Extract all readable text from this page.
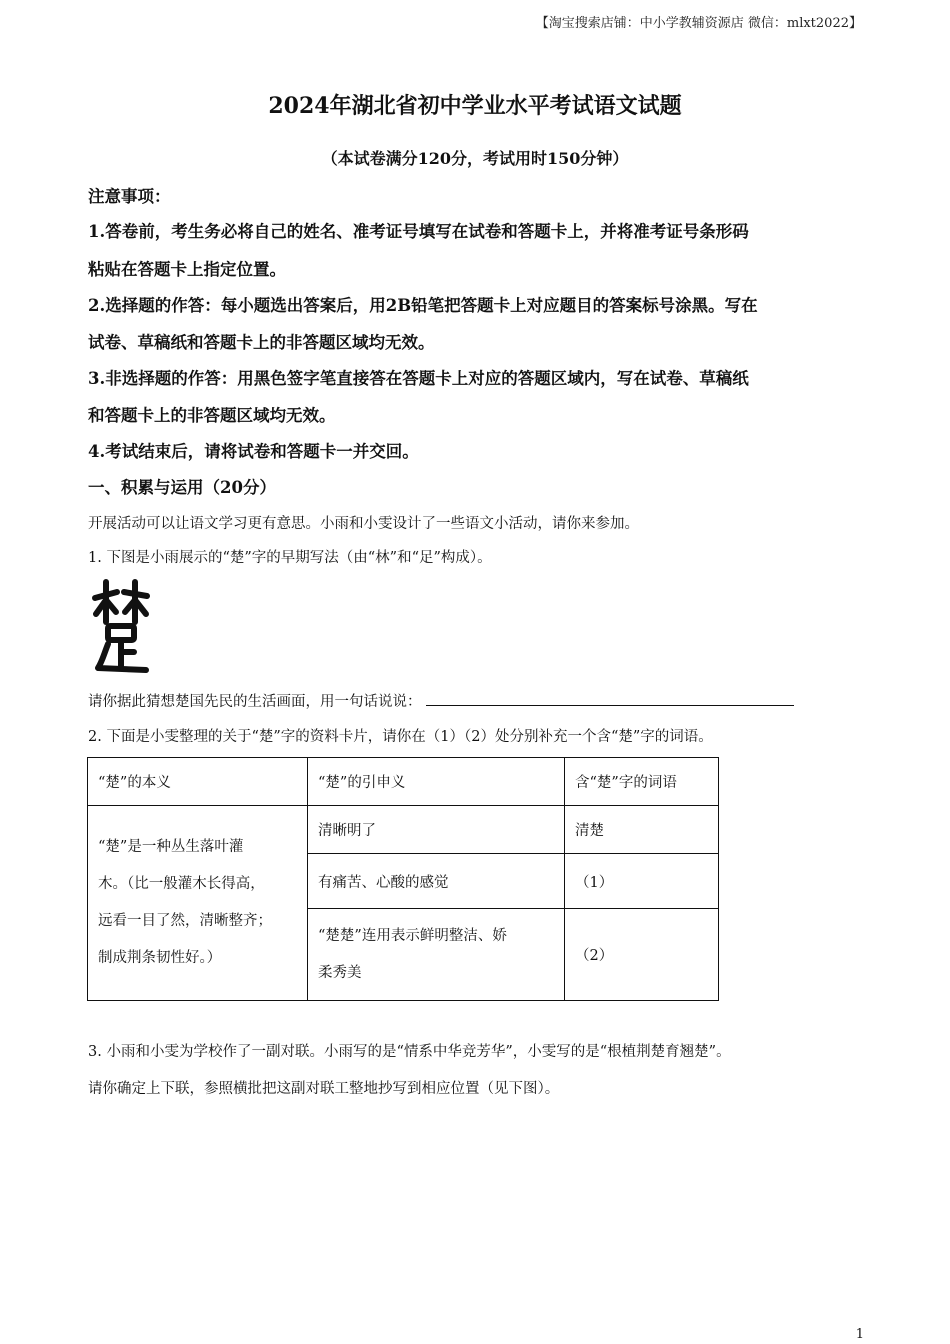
【淘宝搜索店铺：中小学教辅资源店 微信：mlxt2022】
2024年湖北省初中学业水平考试语文试题
（本试卷满分120分，考试用时150分钟）
注意事项：
1.答卷前，考生务必将自己的姓名、准考证号填写在试卷和答题卡上，并将准考证号条形码
粘贴在答题卡上指定位置。
2.选择题的作答：每小题选出答案后，用2B铅笔把答题卡上对应题目的答案标号涂黑。写在
试卷、草稿纸和答题卡上的非答题区域均无效。
3.非选择题的作答：用黑色签字笔直接答在答题卡上对应的答题区域内，写在试卷、草稿纸
和答题卡上的非答题区域均无效。
4.考试结束后，请将试卷和答题卡一并交回。
一、积累与运用（20分）
开展活动可以让语文学习更有意思。小雨和小雯设计了一些语文小活动，请你来参加。
1. 下图是小雨展示的“楚”字的早期写法（由“林”和“足”构成）。
请你据此猜想楚国先民的生活画面，用一句话说说：
2. 下面是小雯整理的关于“楚”字的资料卡片，请你在（1）（2）处分别补充一个含“楚”字的词语。
“楚”的本义	“楚”的引申义	含“楚”字的词语

“楚”是一种丛生落叶灌
木。（比一般灌木长得高，
远看一目了然，清晰整齐；
制成荆条韧性好。）	清晰明了	清楚
	有痛苦、心酸的感觉	（1）

	“楚楚”连用表示鲜明整洁、娇
柔秀美	（2）
3. 小雨和小雯为学校作了一副对联。小雨写的是“情系中华竞芳华”，小雯写的是“根植荆楚育翘楚”。
请你确定上下联，参照横批把这副对联工整地抄写到相应位置（见下图）。
1
